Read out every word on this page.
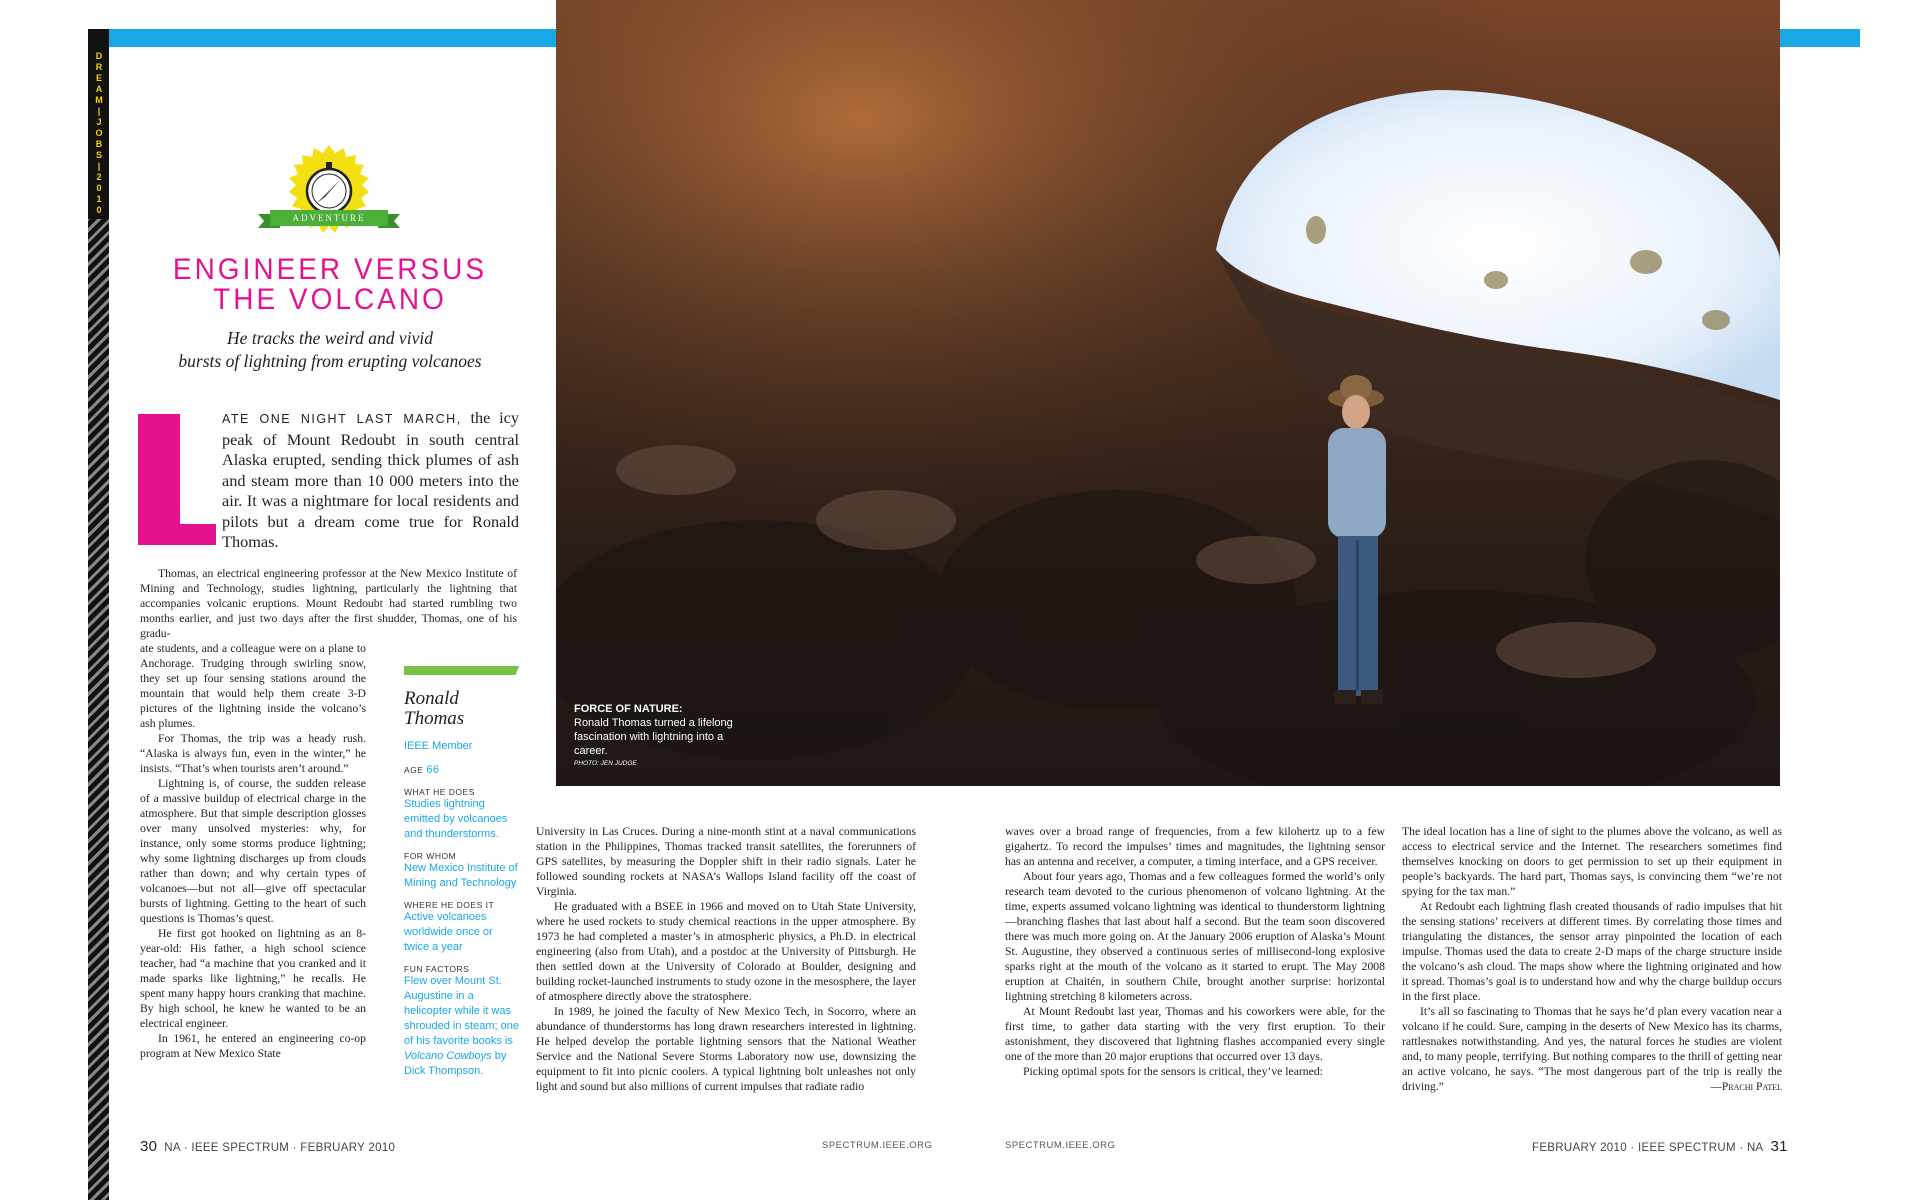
DREAM|JOBS|2010
ADVENTURE
ENGINEER VERSUS
THE VOLCANO
He tracks the weird and vivid
bursts of lightning from erupting volcanoes
ATE ONE NIGHT LAST MARCH, the icy peak of Mount Redoubt in south central Alaska erupted, sending thick plumes of ash and steam more than 10 000 meters into the air. It was a nightmare for local residents and pilots but a dream come true for Ronald Thomas.

Thomas, an electrical engineering professor at the New Mexico Institute of Mining and Technology, studies lightning, particularly the lightning that accompanies volcanic eruptions. Mount Redoubt had started rumbling two months earlier, and just two days after the first shudder, Thomas, one of his gradu-

ate students, and a colleague were on a plane to Anchorage. Trudging through swirling snow, they set up four sensing stations around the mountain that would help them create 3-D pictures of the lightning inside the volcano’s ash plumes.

For Thomas, the trip was a heady rush. “Alaska is always fun, even in the winter,” he insists. “That’s when tourists aren’t around.”

Lightning is, of course, the sudden release of a massive buildup of electrical charge in the atmosphere. But that simple description glosses over many unsolved mysteries: why, for instance, only some storms produce lightning; why some lightning discharges up from clouds rather than down; and why certain types of volcanoes—but not all—give off spectacular bursts of lightning. Getting to the heart of such questions is Thomas’s quest.

He first got hooked on lightning as an 8-year-old: His father, a high school science teacher, had “a machine that you cranked and it made sparks like lightning,” he recalls. He spent many happy hours cranking that machine. By high school, he knew he wanted to be an electrical engineer.

In 1961, he entered an engineering co-op program at New Mexico State

Ronald
Thomas
IEEE Member
AGE 66
WHAT HE DOES
Studies lightning emitted by volcanoes and thunderstorms.
FOR WHOM
New Mexico Institute of Mining and Technology
WHERE HE DOES IT
Active volcanoes worldwide once or twice a year
FUN FACTORS
Flew over Mount St. Augustine in a helicopter while it was shrouded in steam; one of his favorite books is Volcano Cowboys by Dick Thompson.
FORCE OF NATURE:
Ronald Thomas turned a lifelong fascination with lightning into a career.
PHOTO: JEN JUDGE

University in Las Cruces. During a nine-month stint at a naval communications station in the Philippines, Thomas tracked transit satellites, the forerunners of GPS satellites, by measuring the Doppler shift in their radio signals. Later he followed sounding rockets at NASA’s Wallops Island facility off the coast of Virginia.

He graduated with a BSEE in 1966 and moved on to Utah State University, where he used rockets to study chemical reactions in the upper atmosphere. By 1973 he had completed a master’s in atmospheric physics, a Ph.D. in electrical engineering (also from Utah), and a postdoc at the University of Pittsburgh. He then settled down at the University of Colorado at Boulder, designing and building rocket-launched instruments to study ozone in the mesosphere, the layer of atmosphere directly above the stratosphere.

In 1989, he joined the faculty of New Mexico Tech, in Socorro, where an abundance of thunderstorms has long drawn researchers interested in lightning. He helped develop the portable lightning sensors that the National Weather Service and the National Severe Storms Laboratory now use, downsizing the equipment to fit into picnic coolers. A typical lightning bolt unleashes not only light and sound but also millions of current impulses that radiate radio

waves over a broad range of frequencies, from a few kilohertz up to a few gigahertz. To record the impulses’ times and magnitudes, the lightning sensor has an antenna and receiver, a computer, a timing interface, and a GPS receiver.

About four years ago, Thomas and a few colleagues formed the world’s only research team devoted to the curious phenomenon of volcano lightning. At the time, experts assumed volcano lightning was identical to thunderstorm lightning—branching flashes that last about half a second. But the team soon discovered there was much more going on. At the January 2006 eruption of Alaska’s Mount St. Augustine, they observed a continuous series of millisecond-long explosive sparks right at the mouth of the volcano as it started to erupt. The May 2008 eruption at Chaitén, in southern Chile, brought another surprise: horizontal lightning stretching 8 kilometers across.

At Mount Redoubt last year, Thomas and his coworkers were able, for the first time, to gather data starting with the very first eruption. To their astonishment, they discovered that lightning flashes accompanied every single one of the more than 20 major eruptions that occurred over 13 days.

Picking optimal spots for the sensors is critical, they’ve learned:

The ideal location has a line of sight to the plumes above the volcano, as well as access to electrical service and the Internet. The researchers sometimes find themselves knocking on doors to get permission to set up their equipment in people’s backyards. The hard part, Thomas says, is convincing them “we’re not spying for the tax man.”

At Redoubt each lightning flash created thousands of radio impulses that hit the sensing stations’ receivers at different times. By correlating those times and triangulating the distances, the sensor array pinpointed the location of each impulse. Thomas used the data to create 2-D maps of the charge structure inside the volcano’s ash cloud. The maps show where the lightning originated and how it spread. Thomas’s goal is to understand how and why the charge buildup occurs in the first place.

It’s all so fascinating to Thomas that he says he’d plan every vacation near a volcano if he could. Sure, camping in the deserts of New Mexico has its charms, rattlesnakes notwithstanding. And yes, the natural forces he studies are violent and, to many people, terrifying. But nothing compares to the thrill of getting near an active volcano, he says. “The most dangerous part of the trip is really the driving.”	—Prachi Patel
30 NA · IEEE SPECTRUM · FEBRUARY 2010	SPECTRUM.IEEE.ORG	SPECTRUM.IEEE.ORG	FEBRUARY 2010 · IEEE SPECTRUM · NA 31
